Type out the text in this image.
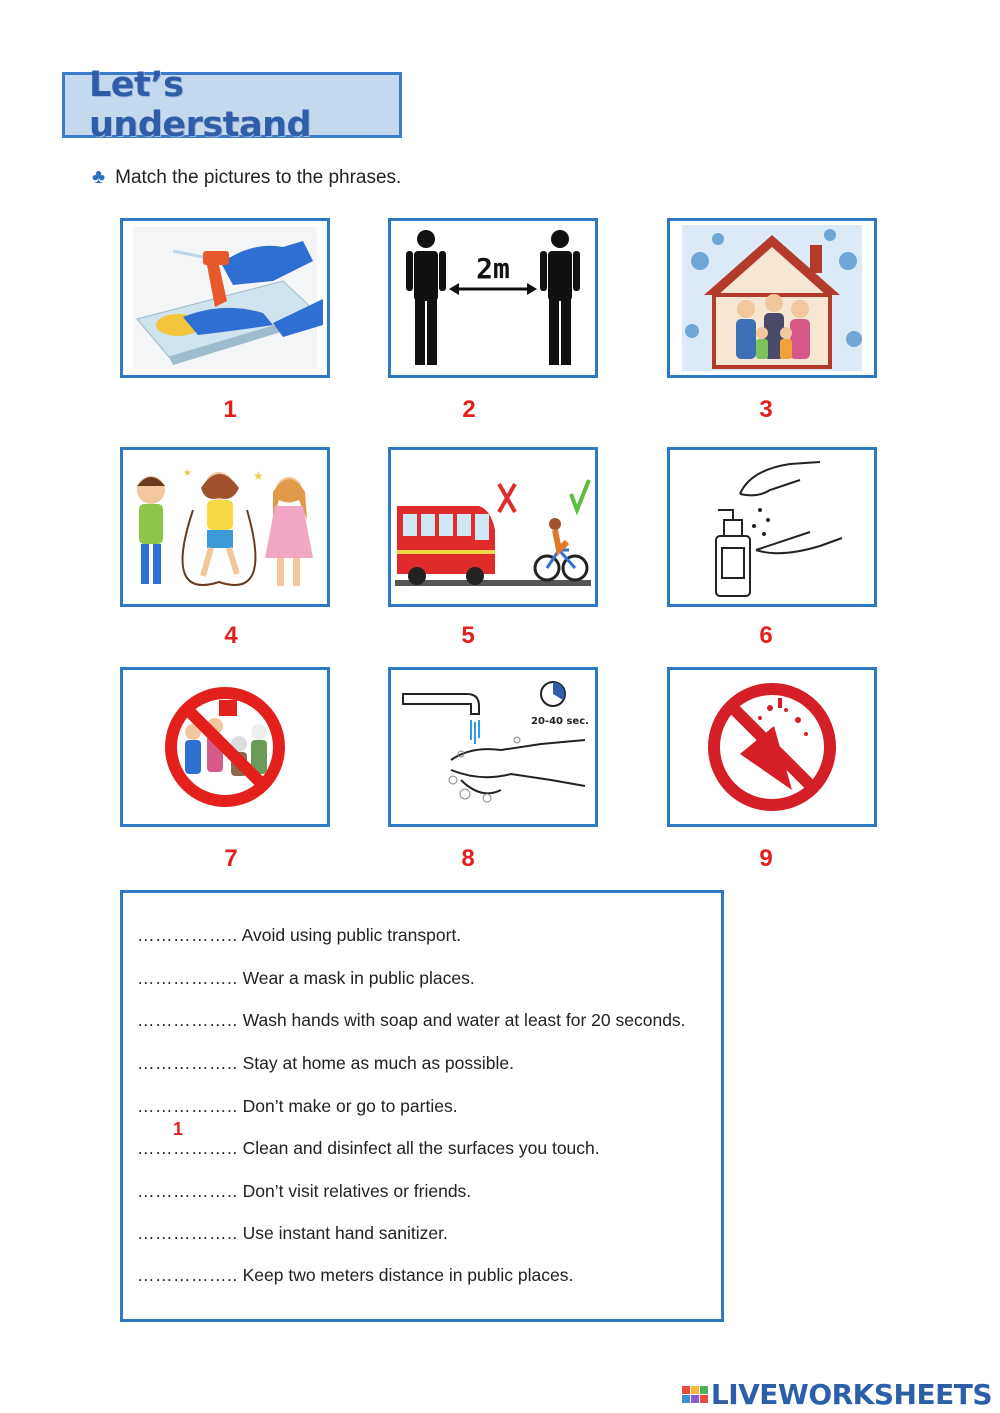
Let’s understand
♣ Match the pictures to the phrases.
1
2m
2	3
★
★
4	5	6
7
20-40 sec.
8	9
…………….. Avoid using public transport.
…………….. Wear a mask in public places.
…………….. Wash hands with soap and water at least for 20 seconds.
…………….. Stay at home as much as possible.
…………….. Don’t make or go to parties.
…………….. Clean and disinfect all the surfaces you touch.
…………….. Don’t visit relatives or friends.
…………….. Use instant hand sanitizer.
…………….. Keep two meters distance in public places.
1
LIVEWORKSHEETS
